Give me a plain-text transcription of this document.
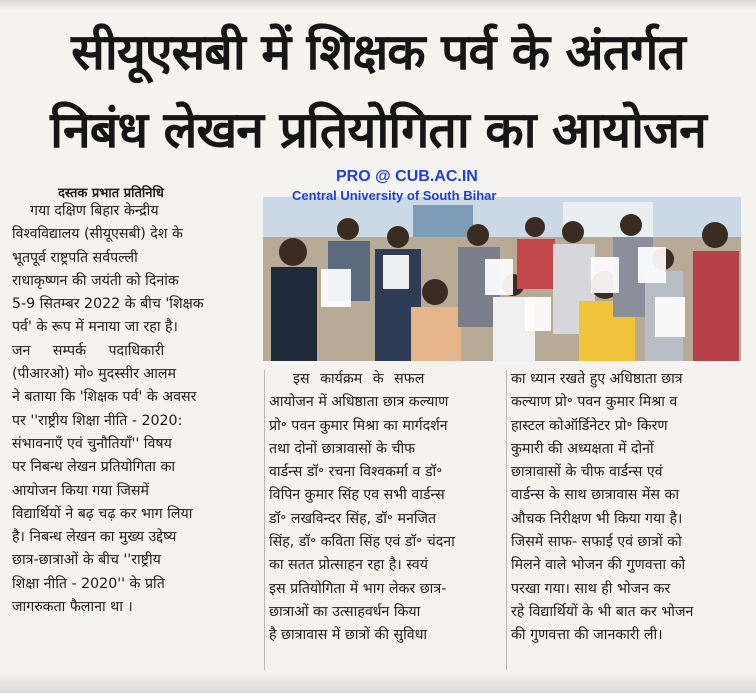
सीयूएसबी में शिक्षक पर्व के अंतर्गत
निबंध लेखन प्रतियोगिता का आयोजन
दस्तक प्रभात प्रतिनिधि
PRO @ CUB.AC.IN
Central University of South Bihar
गया दक्षिण बिहार केन्द्रीय
विश्वविद्यालय (सीयूएसबी) देश के
भूतपूर्व राष्ट्रपति सर्वपल्ली
राधाकृष्णन की जयंती को दिनांक
5-9 सितम्बर 2022 के बीच 'शिक्षक
पर्व' के रूप में मनाया जा रहा है।
जन सम्पर्क पदाधिकारी
(पीआरओ) मो० मुदस्सीर आलम
ने बताया कि 'शिक्षक पर्व' के अवसर
पर ''राष्ट्रीय शिक्षा नीति - 2020:
संभावनाएँ एवं चुनौतियाँ'' विषय
पर निबन्ध लेखन प्रतियोगिता का
आयोजन किया गया जिसमें
विद्यार्थियों ने बढ़ चढ़ कर भाग लिया
है। निबन्ध लेखन का मुख्य उद्देष्य
छात्र-छात्राओं के बीच ''राष्ट्रीय
शिक्षा नीति - 2020'' के प्रति
जागरुकता फैलाना था ।
इस कार्यक्रम के सफल
आयोजन में अधिष्ठाता छात्र कल्याण
प्रो॰ पवन कुमार मिश्रा का मार्गदर्शन
तथा दोनों छात्रावासों के चीफ
वार्डन्स डॉ॰ रचना विश्वकर्मा व डॉ॰
विपिन कुमार सिंह एव सभी वार्डन्स
डॉ॰ लखविन्दर सिंह, डॉ॰ मनजित
सिंह, डॉ॰ कविता सिंह एवं डॉ॰ चंदना
का सतत प्रोत्साहन रहा है। स्वयं
इस प्रतियोगिता में भाग लेकर छात्र-
छात्राओं का उत्साहवर्धन किया
है छात्रावास में छात्रों की सुविधा
का ध्यान रखते हुए अधिष्ठाता छात्र
कल्याण प्रो॰ पवन कुमार मिश्रा व
हास्टल कोऑर्डिनेटर प्रो॰ किरण
कुमारी की अध्यक्षता में दोनों
छात्रावासों के चीफ वार्डन्स एवं
वार्डन्स के साथ छात्रावास मेंस का
औचक निरीक्षण भी किया गया है।
जिसमें साफ- सफाई एवं छात्रों को
मिलने वाले भोजन की गुणवत्ता को
परखा गया। साथ ही भोजन कर
रहे विद्यार्थियों के भी बात कर भोजन
की गुणवत्ता की जानकारी ली।
